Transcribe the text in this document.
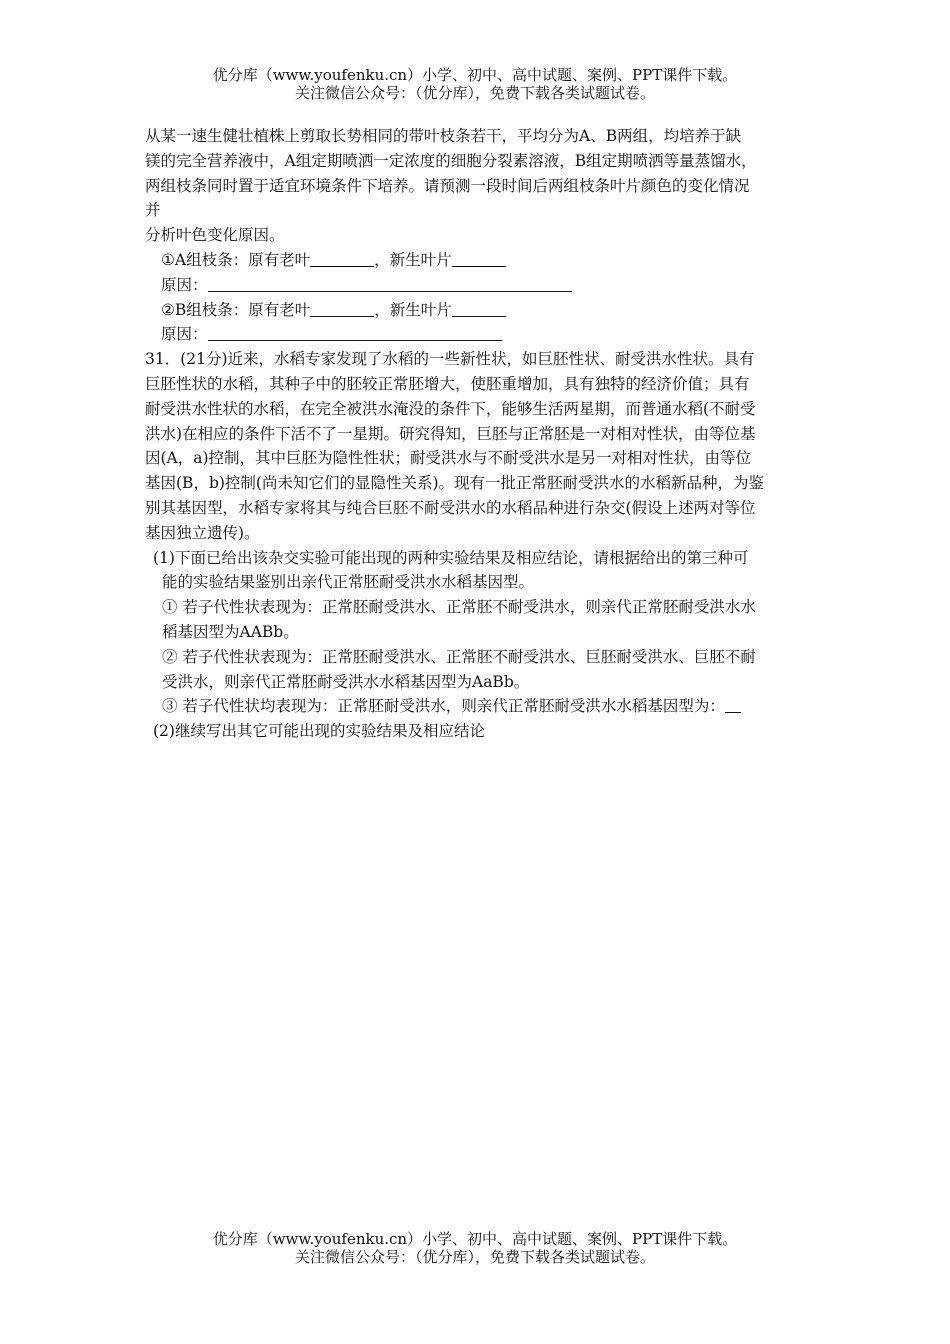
优分库（www.youfenku.cn）小学、初中、高中试题、案例、PPT课件下载。
关注微信公众号：（优分库），免费下载各类试题试卷。
从某一速生健壮植株上剪取长势相同的带叶枝条若干，平均分为A、B两组，均培养于缺
镁的完全营养液中，A组定期喷洒一定浓度的细胞分裂素溶液，B组定期喷洒等量蒸馏水，
两组枝条同时置于适宜环境条件下培养。请预测一段时间后两组枝条叶片颜色的变化情况
并
分析叶色变化原因。
①A组枝条：原有老叶	，新生叶片
原因：
②B组枝条：原有老叶	，新生叶片
原因：
31．(21分)近来，水稻专家发现了水稻的一些新性状，如巨胚性状、耐受洪水性状。具有
巨胚性状的水稻，其种子中的胚较正常胚增大，使胚重增加，具有独特的经济价值；具有
耐受洪水性状的水稻，在完全被洪水淹没的条件下，能够生活两星期，而普通水稻(不耐受
洪水)在相应的条件下活不了一星期。研究得知，巨胚与正常胚是一对相对性状，由等位基
因(A，a)控制，其中巨胚为隐性性状；耐受洪水与不耐受洪水是另一对相对性状，由等位
基因(B，b)控制(尚未知它们的显隐性关系)。现有一批正常胚耐受洪水的水稻新品种，为鉴
别其基因型，水稻专家将其与纯合巨胚不耐受洪水的水稻品种进行杂交(假设上述两对等位
基因独立遗传)。
(1)下面已给出该杂交实验可能出现的两种实验结果及相应结论，请根据给出的第三种可
能的实验结果鉴别出亲代正常胚耐受洪水水稻基因型。
① 若子代性状表现为：正常胚耐受洪水、正常胚不耐受洪水，则亲代正常胚耐受洪水水
稻基因型为AABb。
② 若子代性状表现为：正常胚耐受洪水、正常胚不耐受洪水、巨胚耐受洪水、巨胚不耐
受洪水，则亲代正常胚耐受洪水水稻基因型为AaBb。
③ 若子代性状均表现为：正常胚耐受洪水，则亲代正常胚耐受洪水水稻基因型为：
(2)继续写出其它可能出现的实验结果及相应结论
优分库（www.youfenku.cn）小学、初中、高中试题、案例、PPT课件下载。
关注微信公众号：（优分库），免费下载各类试题试卷。
